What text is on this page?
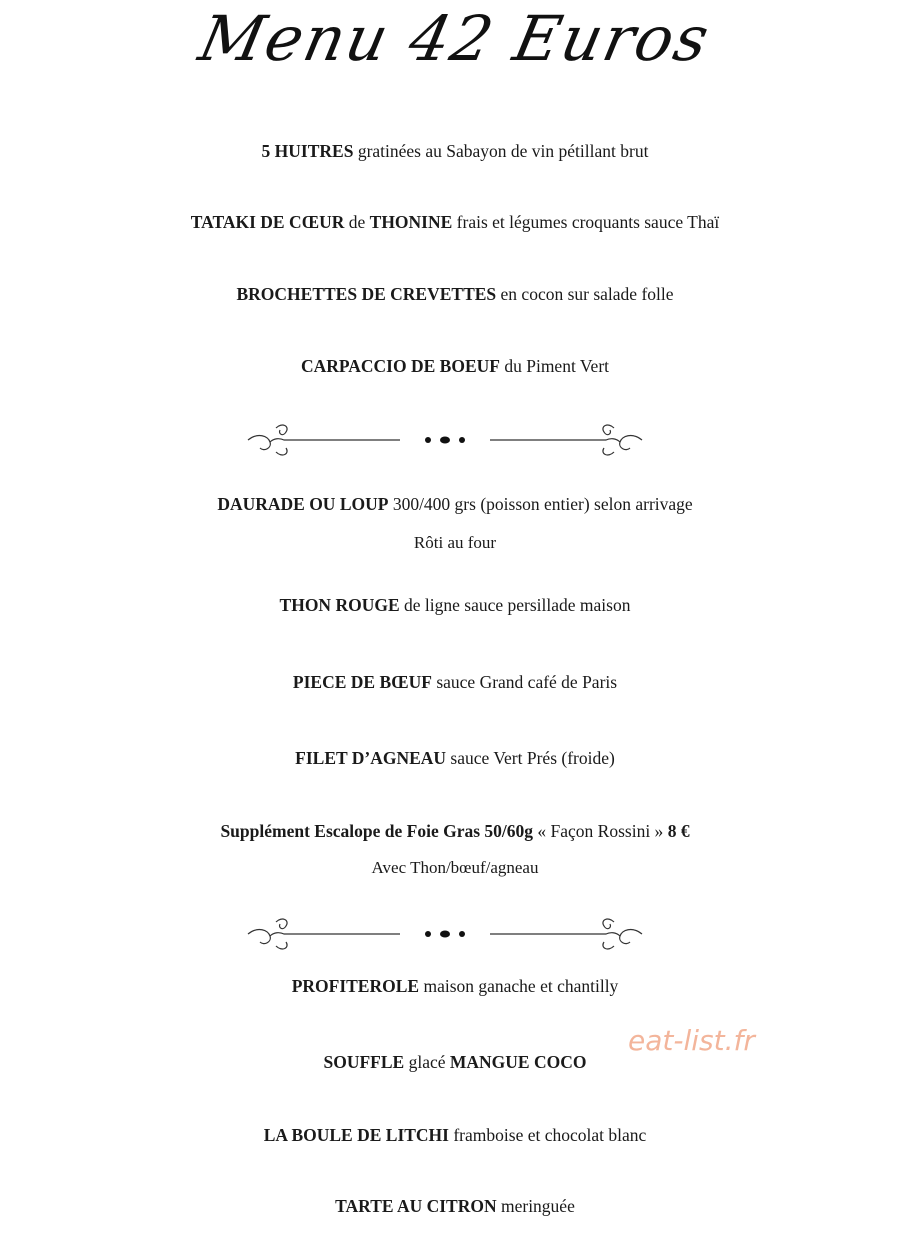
Menu 42 Euros
5 HUITRES gratinées au Sabayon de vin pétillant brut
TATAKI DE CŒUR de THONINE frais et légumes croquants sauce Thaï
BROCHETTES DE CREVETTES en cocon sur salade folle
CARPACCIO DE BOEUF du Piment Vert
DAURADE OU LOUP 300/400 grs (poisson entier) selon arrivage
Rôti au four
THON ROUGE de ligne sauce persillade maison
PIECE DE BŒUF sauce Grand café de Paris
FILET D’AGNEAU sauce Vert Prés (froide)
Supplément Escalope de Foie Gras 50/60g « Façon Rossini » 8 €
Avec Thon/bœuf/agneau
PROFITEROLE maison ganache et chantilly
SOUFFLE glacé MANGUE COCO
LA BOULE DE LITCHI framboise et chocolat blanc
TARTE AU CITRON meringuée
eat-list.fr
